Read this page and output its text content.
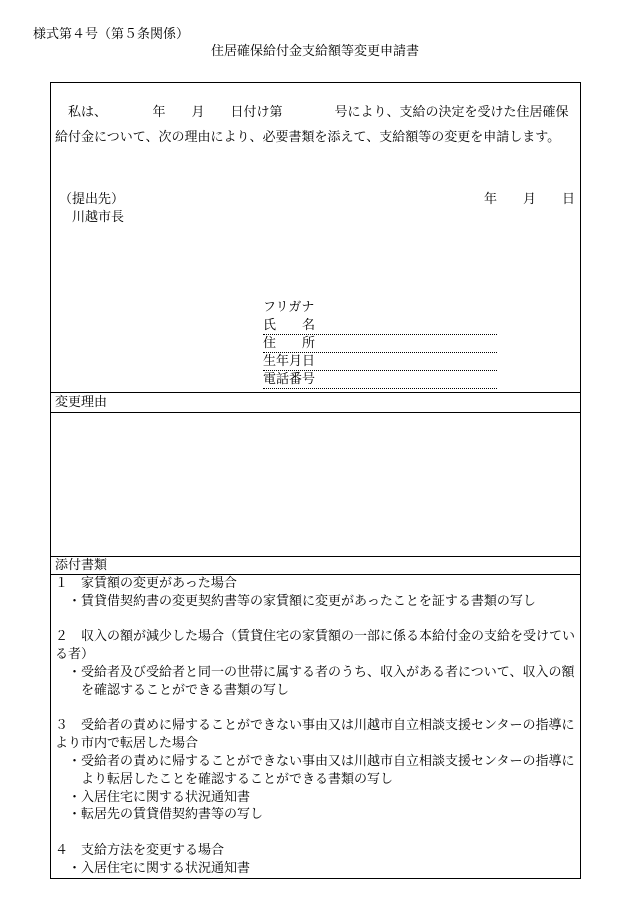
様式第４号（第５条関係）
住居確保給付金支給額等変更申請書

私は、　　　　年　　月　　日付け第　　　　号により、支給の決定を受けた住居確保給付金について、次の理由により、必要書類を添えて、支給額等の変更を申請します。

（提出先）
川越市長
年　　月　　日
フリガナ
氏　　名
住　　所
生年月日
電話番号
変更理由
添付書類
１　家賃額の変更があった場合
・賃貸借契約書の変更契約書等の家賃額に変更があったことを証する書類の写し
２　収入の額が減少した場合（賃貸住宅の家賃額の一部に係る本給付金の支給を受けている者）
・受給者及び受給者と同一の世帯に属する者のうち、収入がある者について、収入の額を確認することができる書類の写し
３　受給者の責めに帰することができない事由又は川越市自立相談支援センターの指導により市内で転居した場合
・受給者の責めに帰することができない事由又は川越市自立相談支援センターの指導により転居したことを確認することができる書類の写し
・入居住宅に関する状況通知書
・転居先の賃貸借契約書等の写し
４　支給方法を変更する場合
・入居住宅に関する状況通知書
